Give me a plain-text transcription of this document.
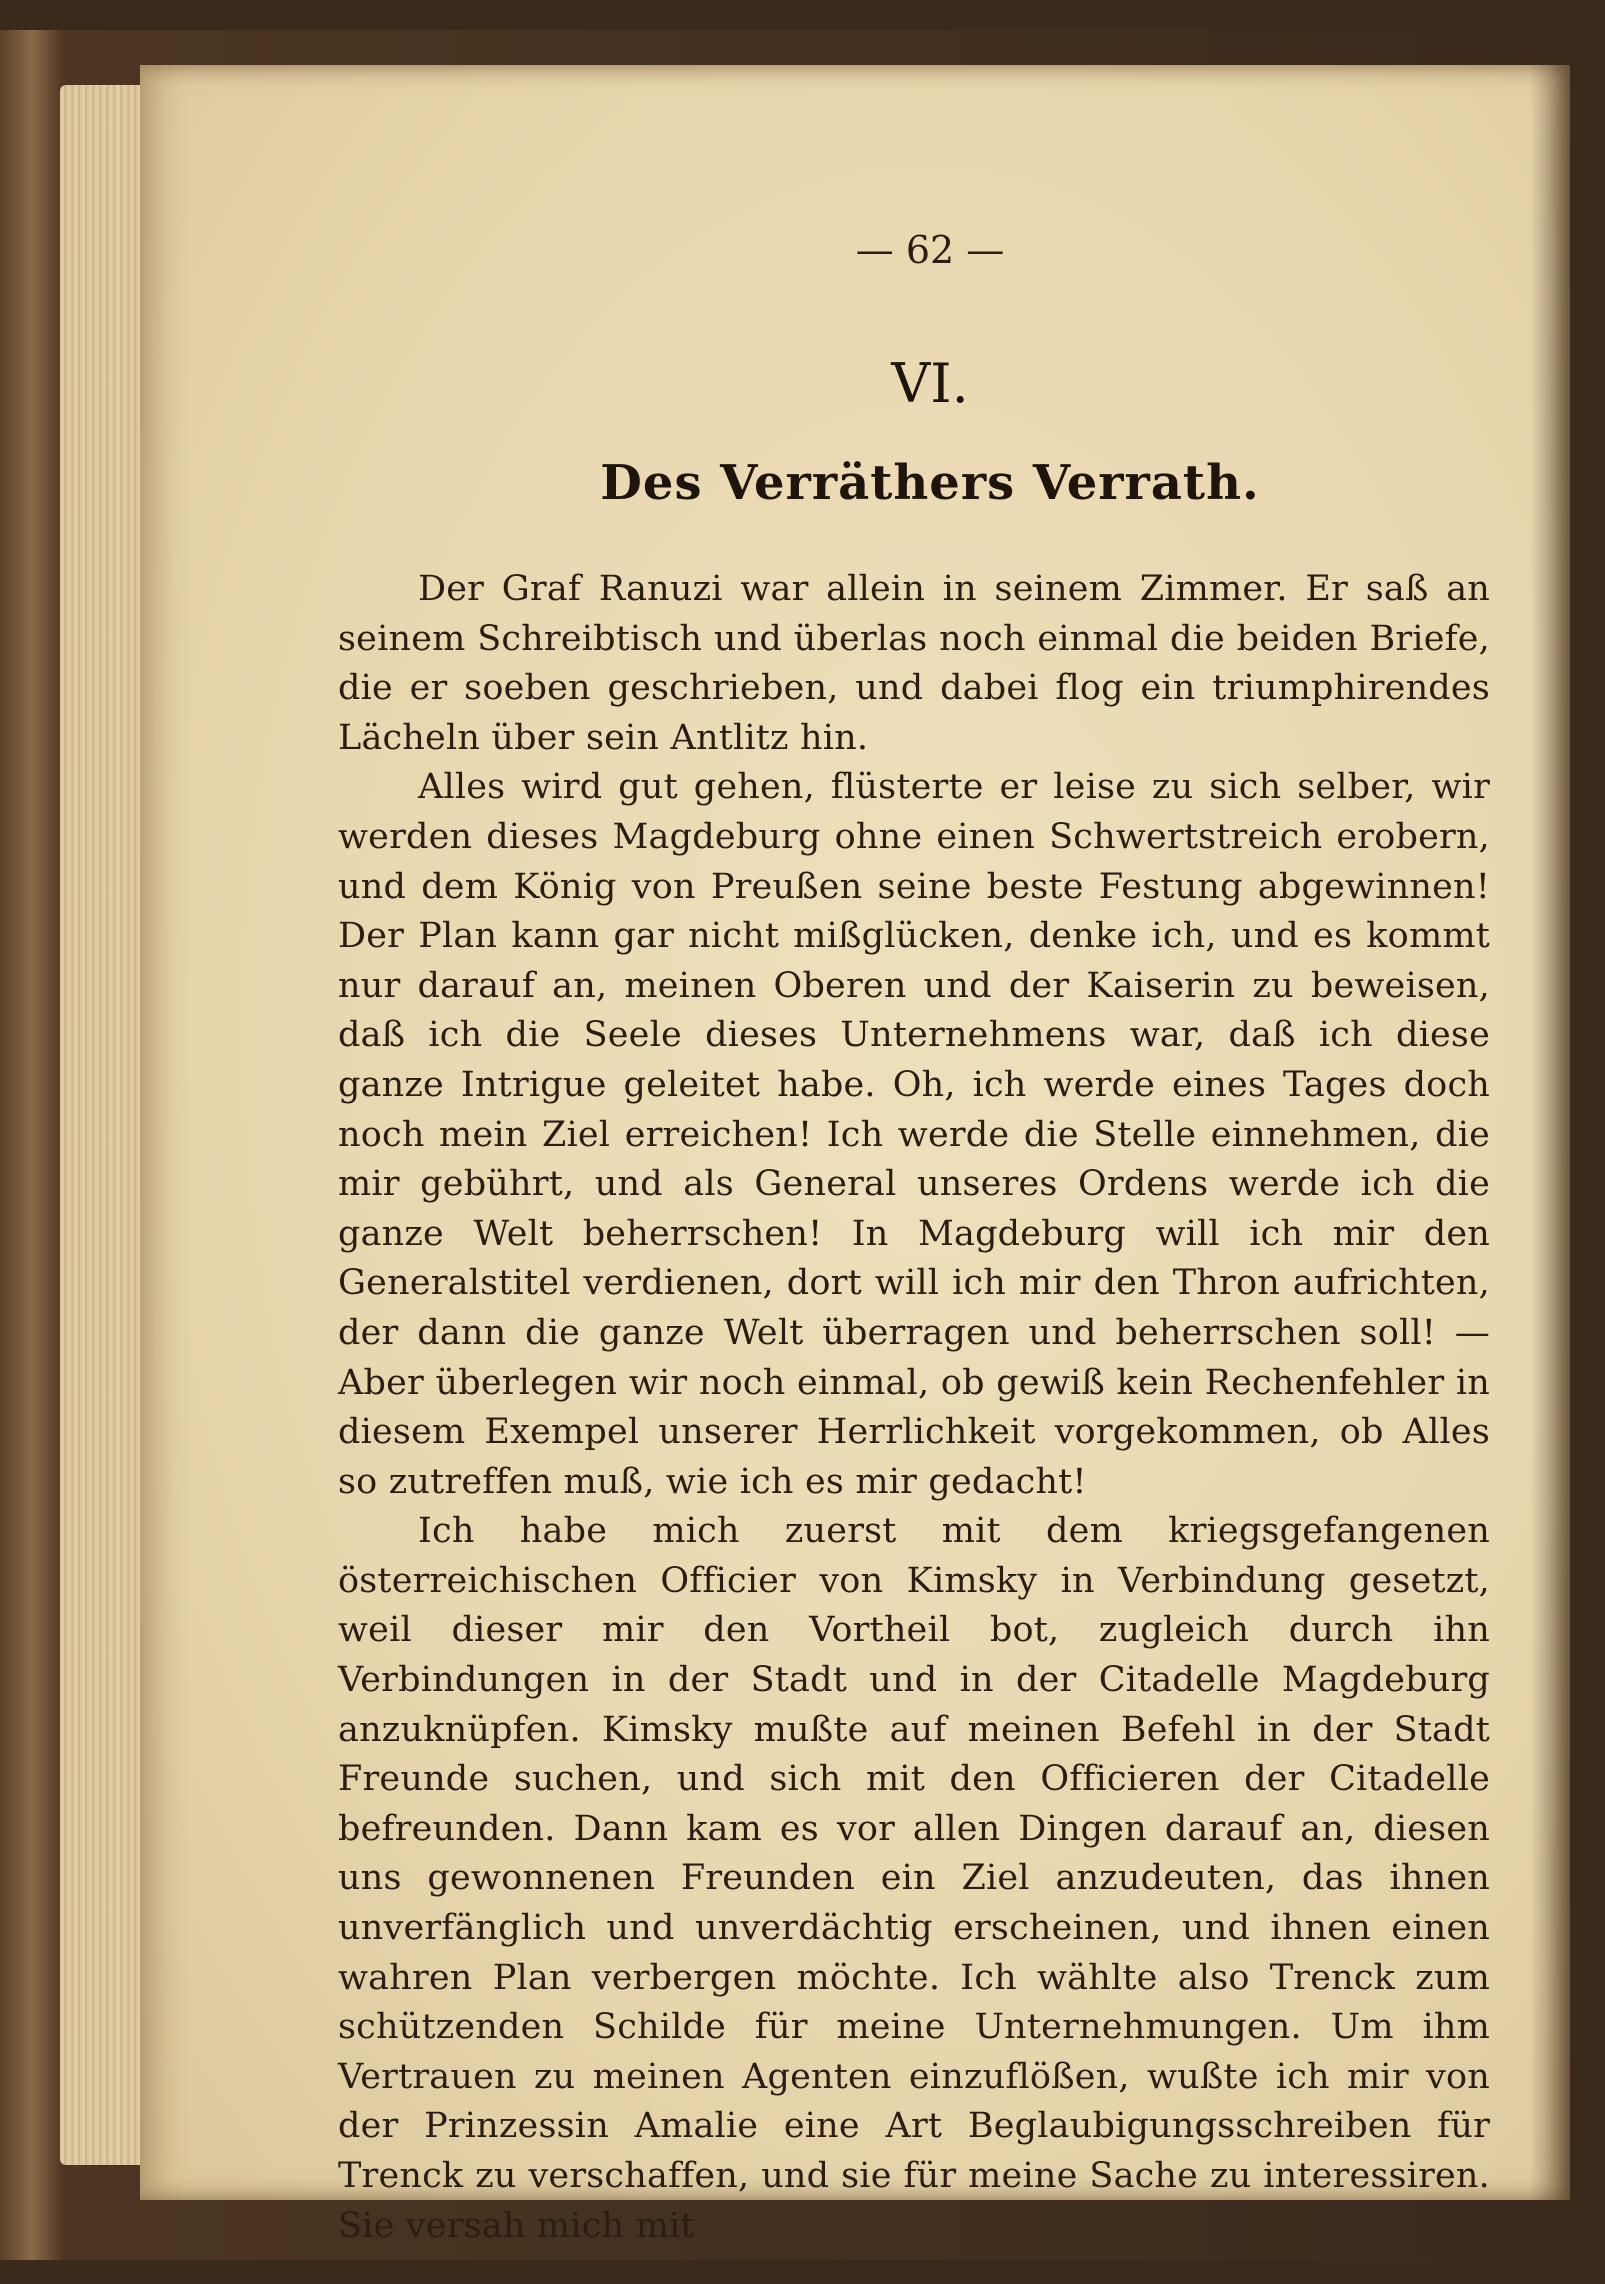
— 62 —
VI.
Des Verräthers Verrath.

Der Graf Ranuzi war allein in seinem Zimmer. Er saß an seinem Schreibtisch und überlas noch einmal die beiden Briefe, die er soeben geschrieben, und dabei flog ein triumphirendes Lächeln über sein Antlitz hin.

Alles wird gut gehen, flüsterte er leise zu sich selber, wir werden dieses Magdeburg ohne einen Schwertstreich erobern, und dem König von Preußen seine beste Festung abgewinnen! Der Plan kann gar nicht mißglücken, denke ich, und es kommt nur darauf an, meinen Oberen und der Kaiserin zu beweisen, daß ich die Seele dieses Unternehmens war, daß ich diese ganze Intrigue geleitet habe. Oh, ich werde eines Tages doch noch mein Ziel erreichen! Ich werde die Stelle einnehmen, die mir gebührt, und als General unseres Ordens werde ich die ganze Welt beherrschen! In Magdeburg will ich mir den Generalstitel verdienen, dort will ich mir den Thron aufrichten, der dann die ganze Welt überragen und beherrschen soll! — Aber überlegen wir noch einmal, ob gewiß kein Rechenfehler in diesem Exempel unserer Herrlichkeit vorgekommen, ob Alles so zutreffen muß, wie ich es mir gedacht!

Ich habe mich zuerst mit dem kriegsgefangenen österreichischen Officier von Kimsky in Verbindung gesetzt, weil dieser mir den Vortheil bot, zugleich durch ihn Verbindungen in der Stadt und in der Citadelle Magdeburg anzuknüpfen. Kimsky mußte auf meinen Befehl in der Stadt Freunde suchen, und sich mit den Officieren der Citadelle befreunden. Dann kam es vor allen Dingen darauf an, diesen uns gewonnenen Freunden ein Ziel anzudeuten, das ihnen unverfänglich und unverdächtig erscheinen, und ihnen einen wahren Plan verbergen möchte. Ich wählte also Trenck zum schützenden Schilde für meine Unternehmungen. Um ihm Vertrauen zu meinen Agenten einzuflößen, wußte ich mir von der Prinzessin Amalie eine Art Beglaubigungsschreiben für Trenck zu verschaffen, und sie für meine Sache zu interessiren. Sie versah mich mit
